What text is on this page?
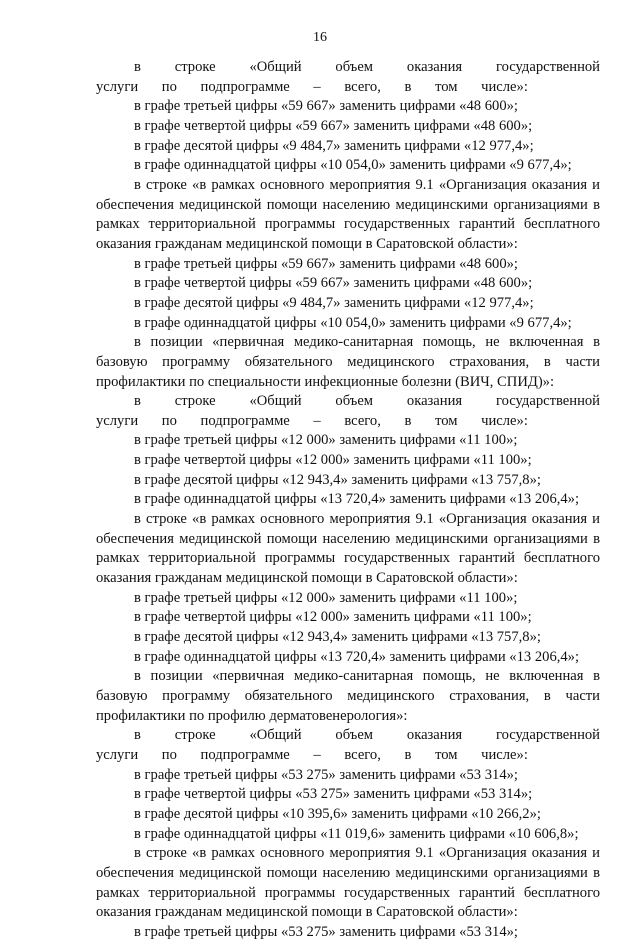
16

в строке «Общий объем оказания государственной услуги по подпрограмме – всего, в том числе»:

в графе третьей цифры «59 667» заменить цифрами «48 600»;

в графе четвертой цифры «59 667» заменить цифрами «48 600»;

в графе десятой цифры «9 484,7» заменить цифрами «12 977,4»;

в графе одиннадцатой цифры «10 054,0» заменить цифрами «9 677,4»;

в строке «в рамках основного мероприятия 9.1 «Организация оказания и обеспечения медицинской помощи населению медицинскими организациями в рамках территориальной программы государственных гарантий бесплатного оказания гражданам медицинской помощи в Саратовской области»:

в графе третьей цифры «59 667» заменить цифрами «48 600»;

в графе четвертой цифры «59 667» заменить цифрами «48 600»;

в графе десятой цифры «9 484,7» заменить цифрами «12 977,4»;

в графе одиннадцатой цифры «10 054,0» заменить цифрами «9 677,4»;

в позиции «первичная медико-санитарная помощь, не включенная в базовую программу обязательного медицинского страхования, в части профилактики по специальности инфекционные болезни (ВИЧ, СПИД)»:

в строке «Общий объем оказания государственной услуги по подпрограмме – всего, в том числе»:

в графе третьей цифры «12 000» заменить цифрами «11 100»;

в графе четвертой цифры «12 000» заменить цифрами «11 100»;

в графе десятой цифры «12 943,4» заменить цифрами «13 757,8»;

в графе одиннадцатой цифры «13 720,4» заменить цифрами «13 206,4»;

в строке «в рамках основного мероприятия 9.1 «Организация оказания и обеспечения медицинской помощи населению медицинскими организациями в рамках территориальной программы государственных гарантий бесплатного оказания гражданам медицинской помощи в Саратовской области»:

в графе третьей цифры «12 000» заменить цифрами «11 100»;

в графе четвертой цифры «12 000» заменить цифрами «11 100»;

в графе десятой цифры «12 943,4» заменить цифрами «13 757,8»;

в графе одиннадцатой цифры «13 720,4» заменить цифрами «13 206,4»;

в позиции «первичная медико-санитарная помощь, не включенная в базовую программу обязательного медицинского страхования, в части профилактики по профилю дерматовенерология»:

в строке «Общий объем оказания государственной услуги по подпрограмме – всего, в том числе»:

в графе третьей цифры «53 275» заменить цифрами «53 314»;

в графе четвертой цифры «53 275» заменить цифрами «53 314»;

в графе десятой цифры «10 395,6» заменить цифрами «10 266,2»;

в графе одиннадцатой цифры «11 019,6» заменить цифрами «10 606,8»;

в строке «в рамках основного мероприятия 9.1 «Организация оказания и обеспечения медицинской помощи населению медицинскими организациями в рамках территориальной программы государственных гарантий бесплатного оказания гражданам медицинской помощи в Саратовской области»:

в графе третьей цифры «53 275» заменить цифрами «53 314»;
